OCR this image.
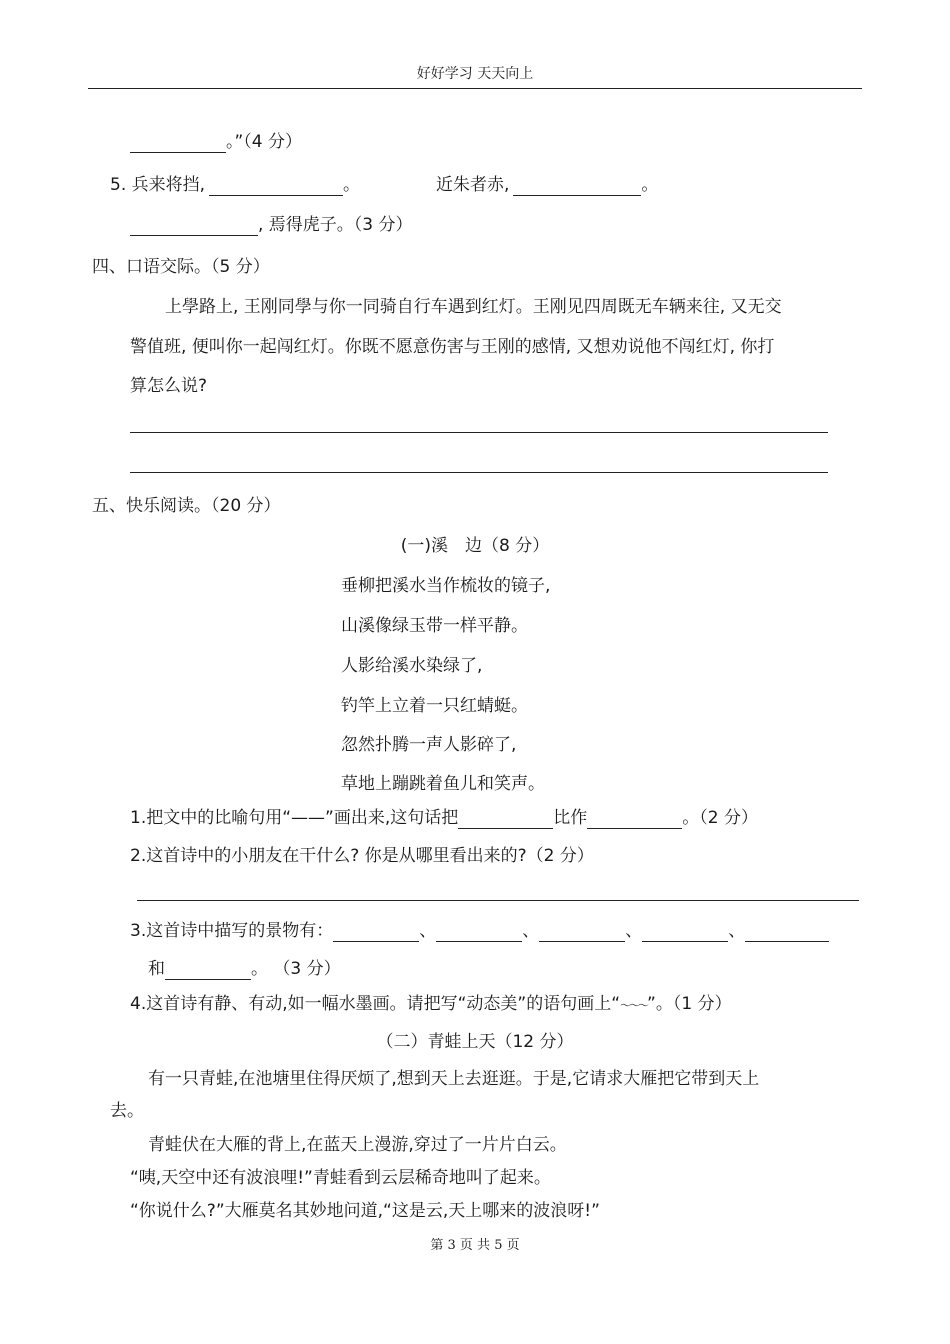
好好学习 天天向上
。”（4 分）
5. 兵来将挡,	。	近朱者赤,	。
, 焉得虎子。（3 分）
四、口语交际。（5 分）
上學路上, 王刚同學与你一同骑自行车遇到红灯。王刚见四周既无车辆来往, 又无交
警值班, 便叫你一起闯红灯。你既不愿意伤害与王刚的感情, 又想劝说他不闯红灯, 你打
算怎么说?
五、快乐阅读。（20 分）
(一)溪　边（8 分）
垂柳把溪水当作梳妆的镜子,
山溪像绿玉带一样平静。
人影给溪水染绿了,
钓竿上立着一只红蜻蜓。
忽然扑腾一声人影碎了,
草地上蹦跳着鱼儿和笑声。
1.把文中的比喻句用“——”画出来,这句话把	比作	。（2 分）
2.这首诗中的小朋友在干什么? 你是从哪里看出来的?（2 分）
3.这首诗中描写的景物有：	、	、	、	、
和	。 （3 分）
4.这首诗有静、有动,如一幅水墨画。请把写“动态美”的语句画上“～～～”。（1 分）
（二）青蛙上天（12 分）
有一只青蛙,在池塘里住得厌烦了,想到天上去逛逛。于是,它请求大雁把它带到天上
去。
青蛙伏在大雁的背上,在蓝天上漫游,穿过了一片片白云。
“咦,天空中还有波浪哩!”青蛙看到云层稀奇地叫了起来。
“你说什么?”大雁莫名其妙地问道,“这是云,天上哪来的波浪呀!”
第 3 页 共 5 页
